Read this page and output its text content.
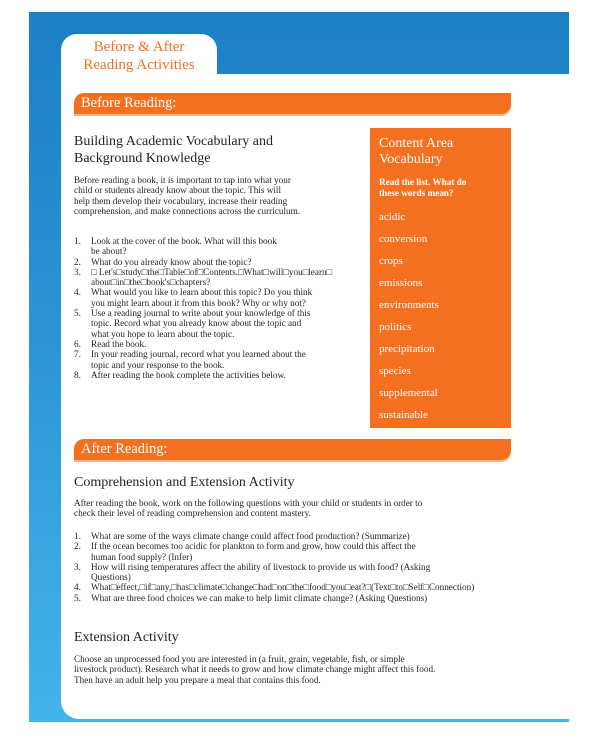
Before & After
Reading Activities
Before Reading:
Building Academic Vocabulary and
Background Knowledge
Before reading a book, it is important to tap into what your
child or students already know about the topic. This will
help them develop their vocabulary, increase their reading
comprehension, and make connections across the curriculum.
1. Look at the cover of the book. What will this book
be about?
2. What do you already know about the topic?
3. □ Let's□study□the□Table□of□Contents.□What□will□you□learn□
about□in□the□book's□chapters?
4. What would you like to learn about this topic? Do you think
you might learn about it from this book? Why or why not?
5. Use a reading journal to write about your knowledge of this
topic. Record what you already know about the topic and
what you hope to learn about the topic.
6. Read the book.
7. In your reading journal, record what you learned about the
topic and your response to the book.
8. After reading the book complete the activities below.
Content Area
Vocabulary
Read the list. What do
these words mean?
acidic
conversion
crops
emissions
environments
politics
precipitation
species
supplemental
sustainable
After Reading:
Comprehension and Extension Activity
After reading the book, work on the following questions with your child or students in order to
check their level of reading comprehension and content mastery.
1. What are some of the ways climate change could affect food production? (Summarize)
2. If the ocean becomes too acidic for plankton to form and grow, how could this affect the
human food supply? (Infer)
3. How will rising temperatures affect the ability of livestock to provide us with food? (Asking
Questions)
4. What□effect,□if□any,□has□climate□change□had□on□the□food□you□eat?□(Text□to□Self□Connection)
5. What are three food choices we can make to help limit climate change? (Asking Questions)
Extension Activity
Choose an unprocessed food you are interested in (a fruit, grain, vegetable, fish, or simple
livestock product). Research what it needs to grow and how climate change might affect this food.
Then have an adult help you prepare a meal that contains this food.
